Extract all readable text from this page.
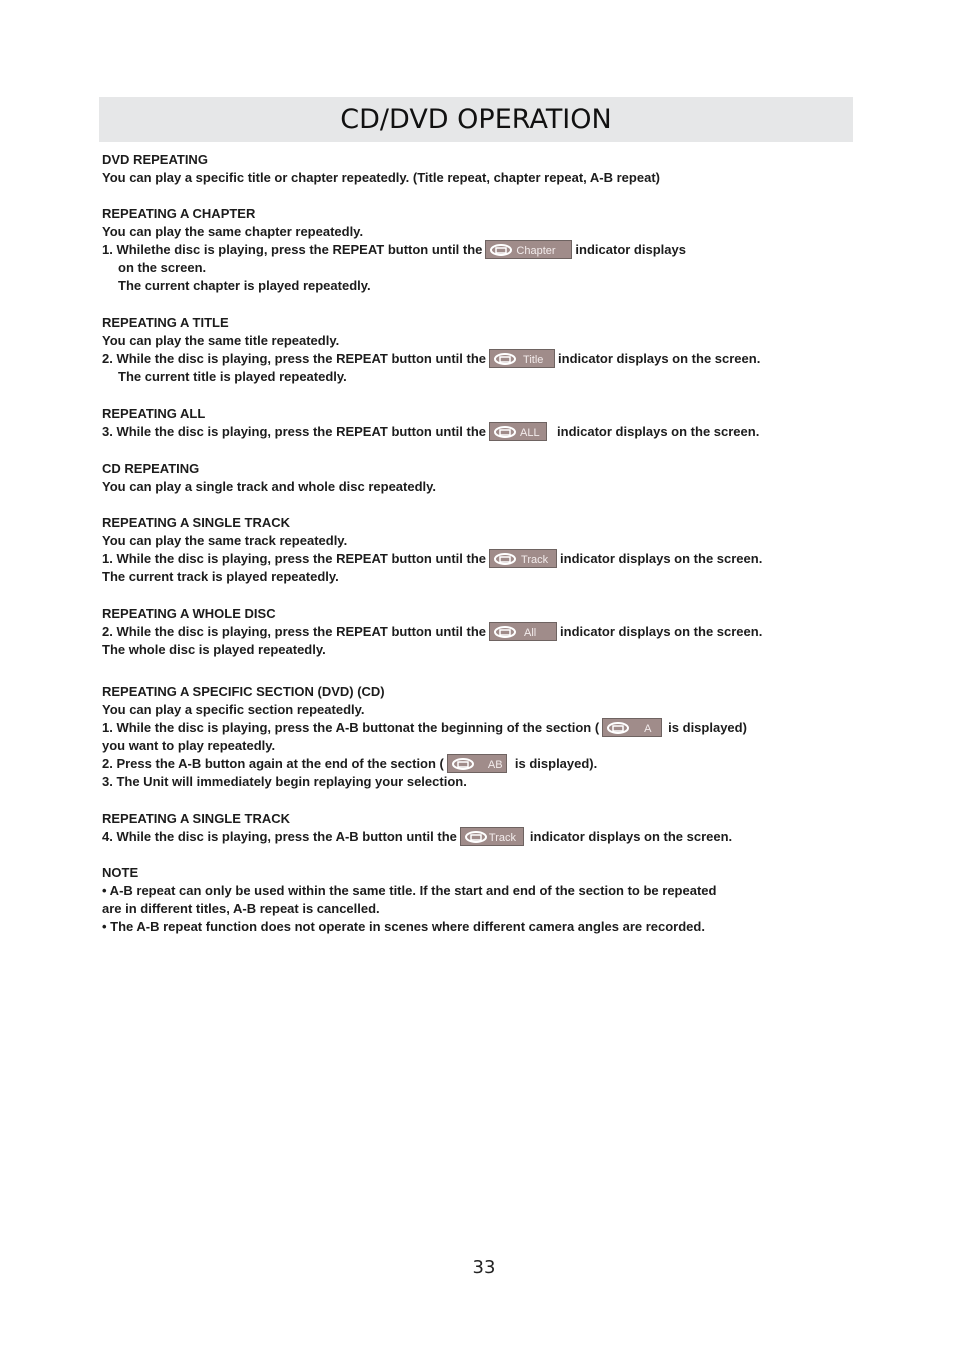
CD/DVD OPERATION
DVD REPEATING
You can play a specific title or chapter repeatedly. (Title repeat, chapter repeat, A-B repeat)
REPEATING A CHAPTER
You can play the same chapter repeatedly.
1. Whilethe disc is playing, press the REPEAT button until the	Chapter indicator displays
on the screen.
The current chapter is played repeatedly.
REPEATING A TITLE
You can play the same title repeatedly.
2. While the disc is playing, press the REPEAT button until the	Title indicator displays on the screen.
The current title is played repeatedly.
REPEATING ALL
3. While the disc is playing, press the REPEAT button until the	ALL indicator displays on the screen.
CD REPEATING
You can play a single track and whole disc repeatedly.
REPEATING A SINGLE TRACK
You can play the same track repeatedly.
1. While the disc is playing, press the REPEAT button until the	Track indicator displays on the screen.
The current track is played repeatedly.
REPEATING A WHOLE DISC
2. While the disc is playing, press the REPEAT button until the	All indicator displays on the screen.
The whole disc is played repeatedly.
REPEATING A SPECIFIC SECTION (DVD) (CD)
You can play a specific section repeatedly.
1. While the disc is playing, press the A-B buttonat the beginning of the section (	A is displayed)
you want to play repeatedly.
2. Press the A-B button again at the end of the section (	AB is displayed).
3. The Unit will immediately begin replaying your selection.
REPEATING A SINGLE TRACK
4. While the disc is playing, press the A-B button until the	Track indicator displays on the screen.
NOTE
• A-B repeat can only be used within the same title. If the start and end of the section to be repeated
are in different titles, A-B repeat is cancelled.
• The A-B repeat function does not operate in scenes where different camera angles are recorded.
33
